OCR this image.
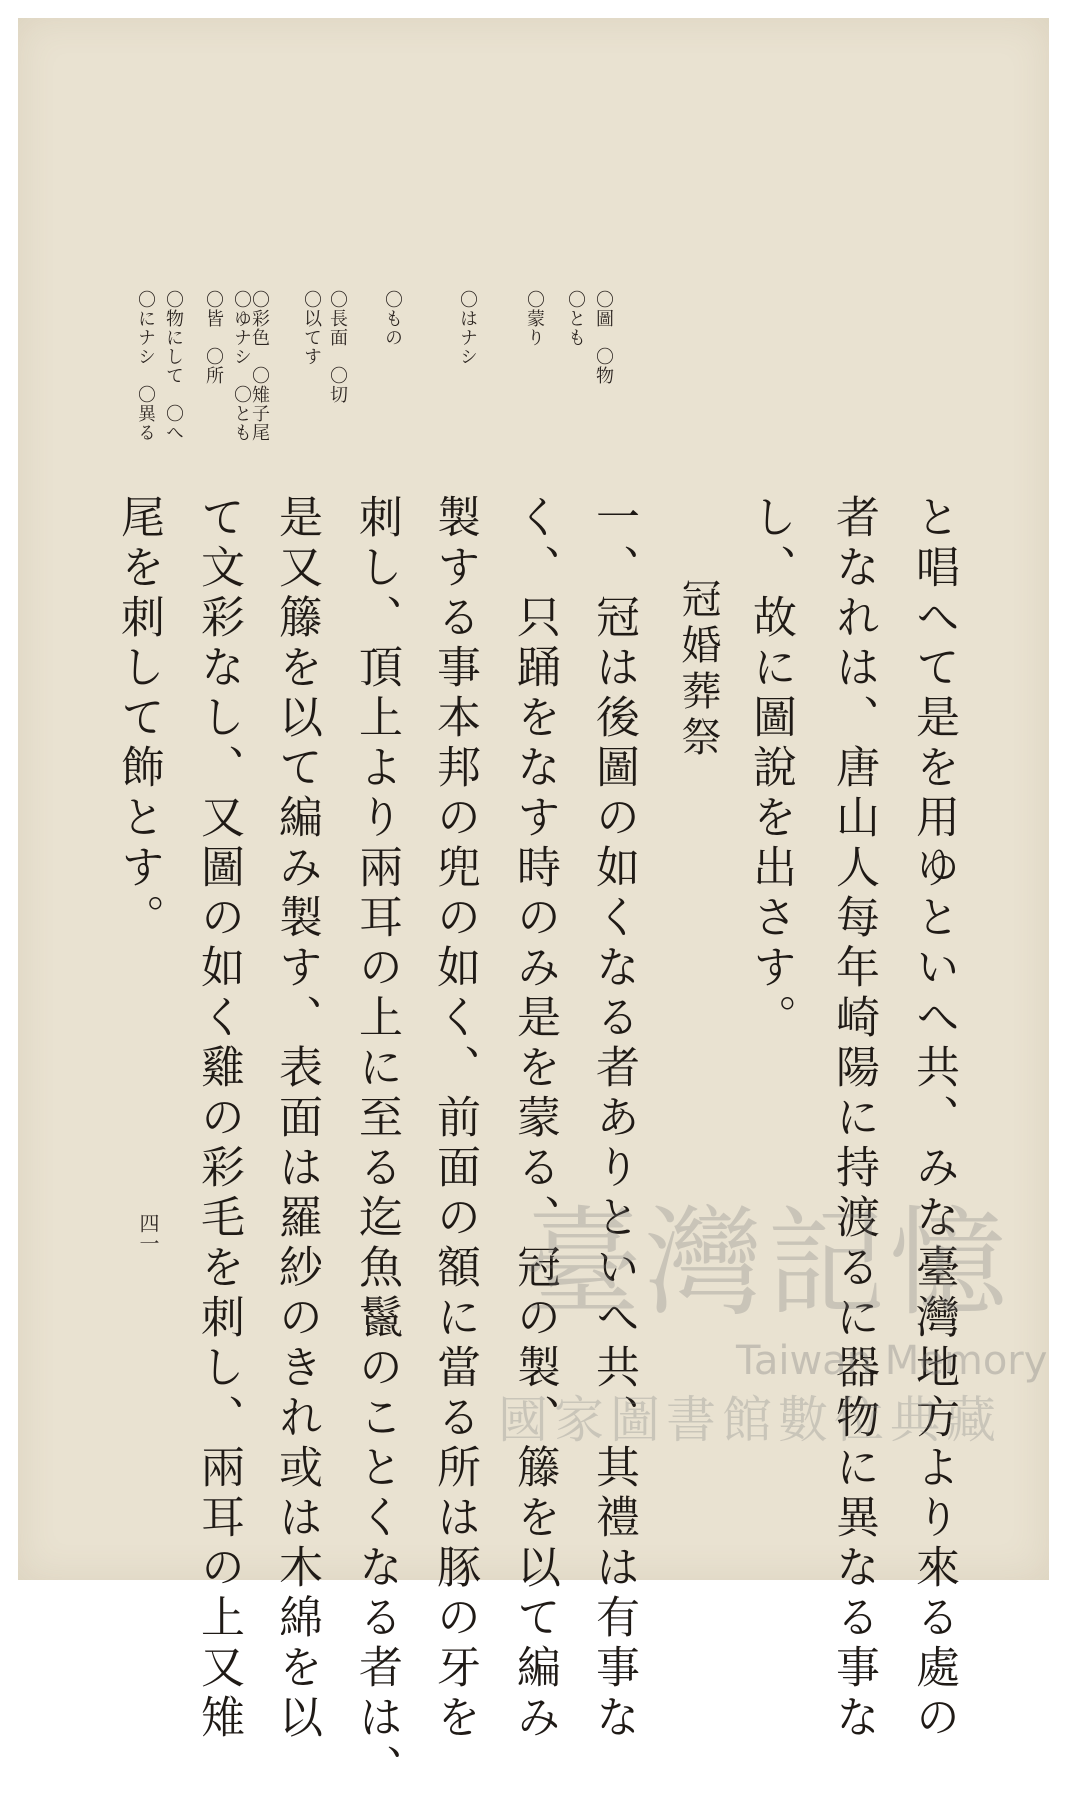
〇ゆナシ　〇とも
〇皆　〇所
〇物にして　〇へ
〇にナシ　〇異る	〇圖　〇物
〇とも
〇蒙り
〇はナシ
〇もの
〇長面　〇切
〇以てす
と唱へて是を用ゆといへ共、みな臺灣地方より來る處の
者なれは、唐山人每年崎陽に持渡るに器物に異なる事な
し、故に圖說を出さす。
冠婚葬祭
一、冠は後圖の如くなる者ありといへ共、其禮は有事な
く、只踊をなす時のみ是を蒙る、冠の製、籐を以て編み
製する事本邦の兜の如く、前面の額に當る所は豚の牙を
刺し、頂上より兩耳の上に至る迄魚鬣のことくなる者は、
是又籐を以て編み製す、表面は羅紗のきれ或は木綿を以
て文彩なし、又圖の如く雞の彩毛を刺し、兩耳の上又雉
尾を刺して飾とす。
〇彩色　〇雉子尾
四一	臺灣記憶
Taiwan Memory
國家圖書館數位典藏
